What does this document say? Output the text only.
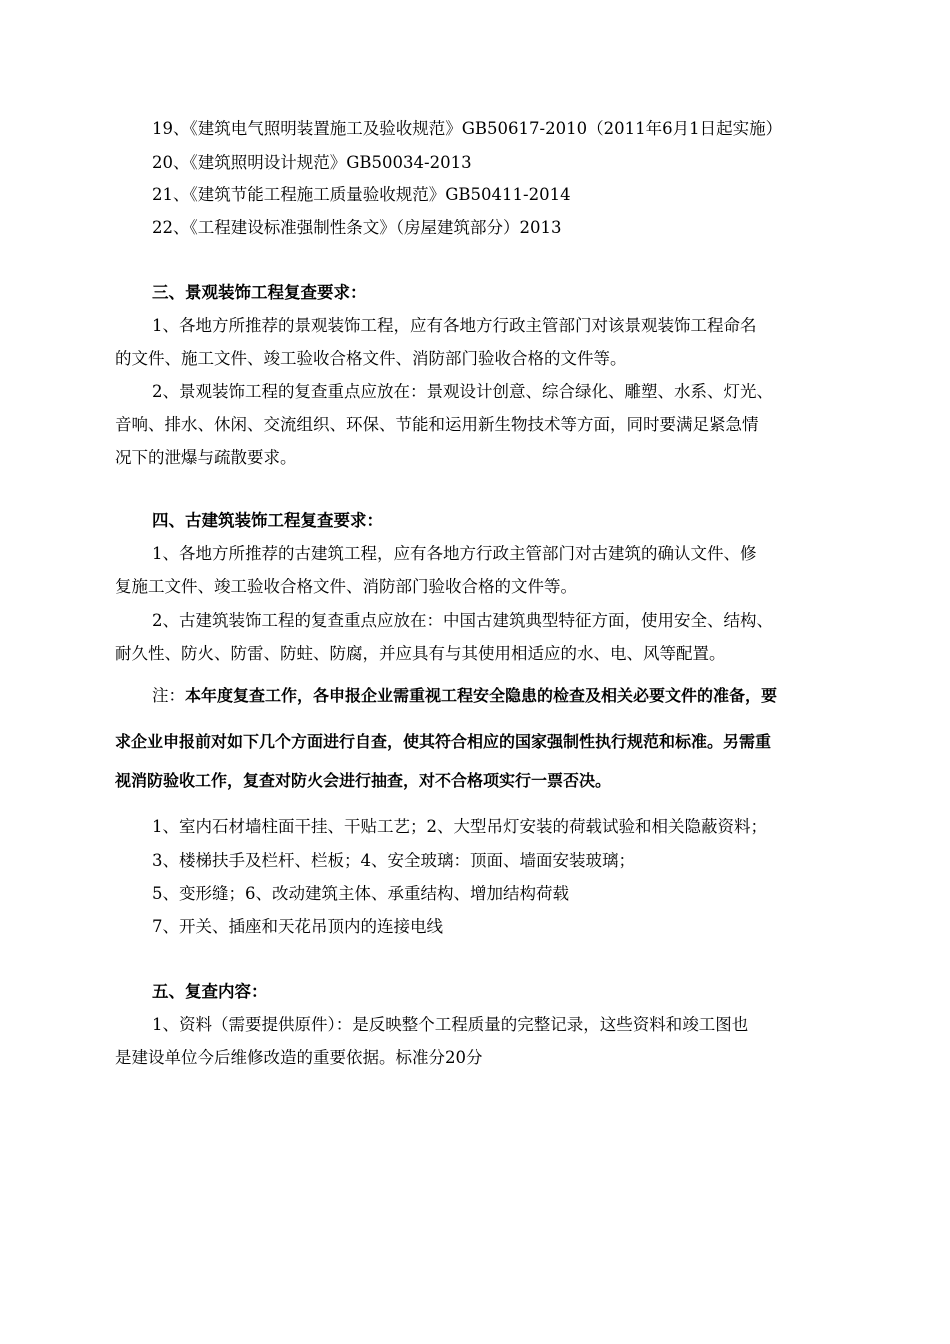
19、《建筑电气照明装置施工及验收规范》GB50617-2010（2011年6月1日起实施）
20、《建筑照明设计规范》GB50034-2013
21、《建筑节能工程施工质量验收规范》GB50411-2014
22、《工程建设标准强制性条文》（房屋建筑部分）2013
三、景观装饰工程复查要求：
1、各地方所推荐的景观装饰工程，应有各地方行政主管部门对该景观装饰工程命名
的文件、施工文件、竣工验收合格文件、消防部门验收合格的文件等。
2、景观装饰工程的复查重点应放在：景观设计创意、综合绿化、雕塑、水系、灯光、
音响、排水、休闲、交流组织、环保、节能和运用新生物技术等方面，同时要满足紧急情
况下的泄爆与疏散要求。
四、古建筑装饰工程复查要求：
1、各地方所推荐的古建筑工程，应有各地方行政主管部门对古建筑的确认文件、修
复施工文件、竣工验收合格文件、消防部门验收合格的文件等。
2、古建筑装饰工程的复查重点应放在：中国古建筑典型特征方面，使用安全、结构、
耐久性、防火、防雷、防蛀、防腐，并应具有与其使用相适应的水、电、风等配置。
注：本年度复查工作，各申报企业需重视工程安全隐患的检查及相关必要文件的准备，要
求企业申报前对如下几个方面进行自查，使其符合相应的国家强制性执行规范和标准。另需重
视消防验收工作，复查对防火会进行抽查，对不合格项实行一票否决。
1、室内石材墙柱面干挂、干贴工艺；2、大型吊灯安装的荷载试验和相关隐蔽资料；
3、楼梯扶手及栏杆、栏板；4、安全玻璃：顶面、墙面安装玻璃；
5、变形缝；6、改动建筑主体、承重结构、增加结构荷载
7、开关、插座和天花吊顶内的连接电线
五、复查内容：
1、资料（需要提供原件）：是反映整个工程质量的完整记录，这些资料和竣工图也
是建设单位今后维修改造的重要依据。标准分20分
